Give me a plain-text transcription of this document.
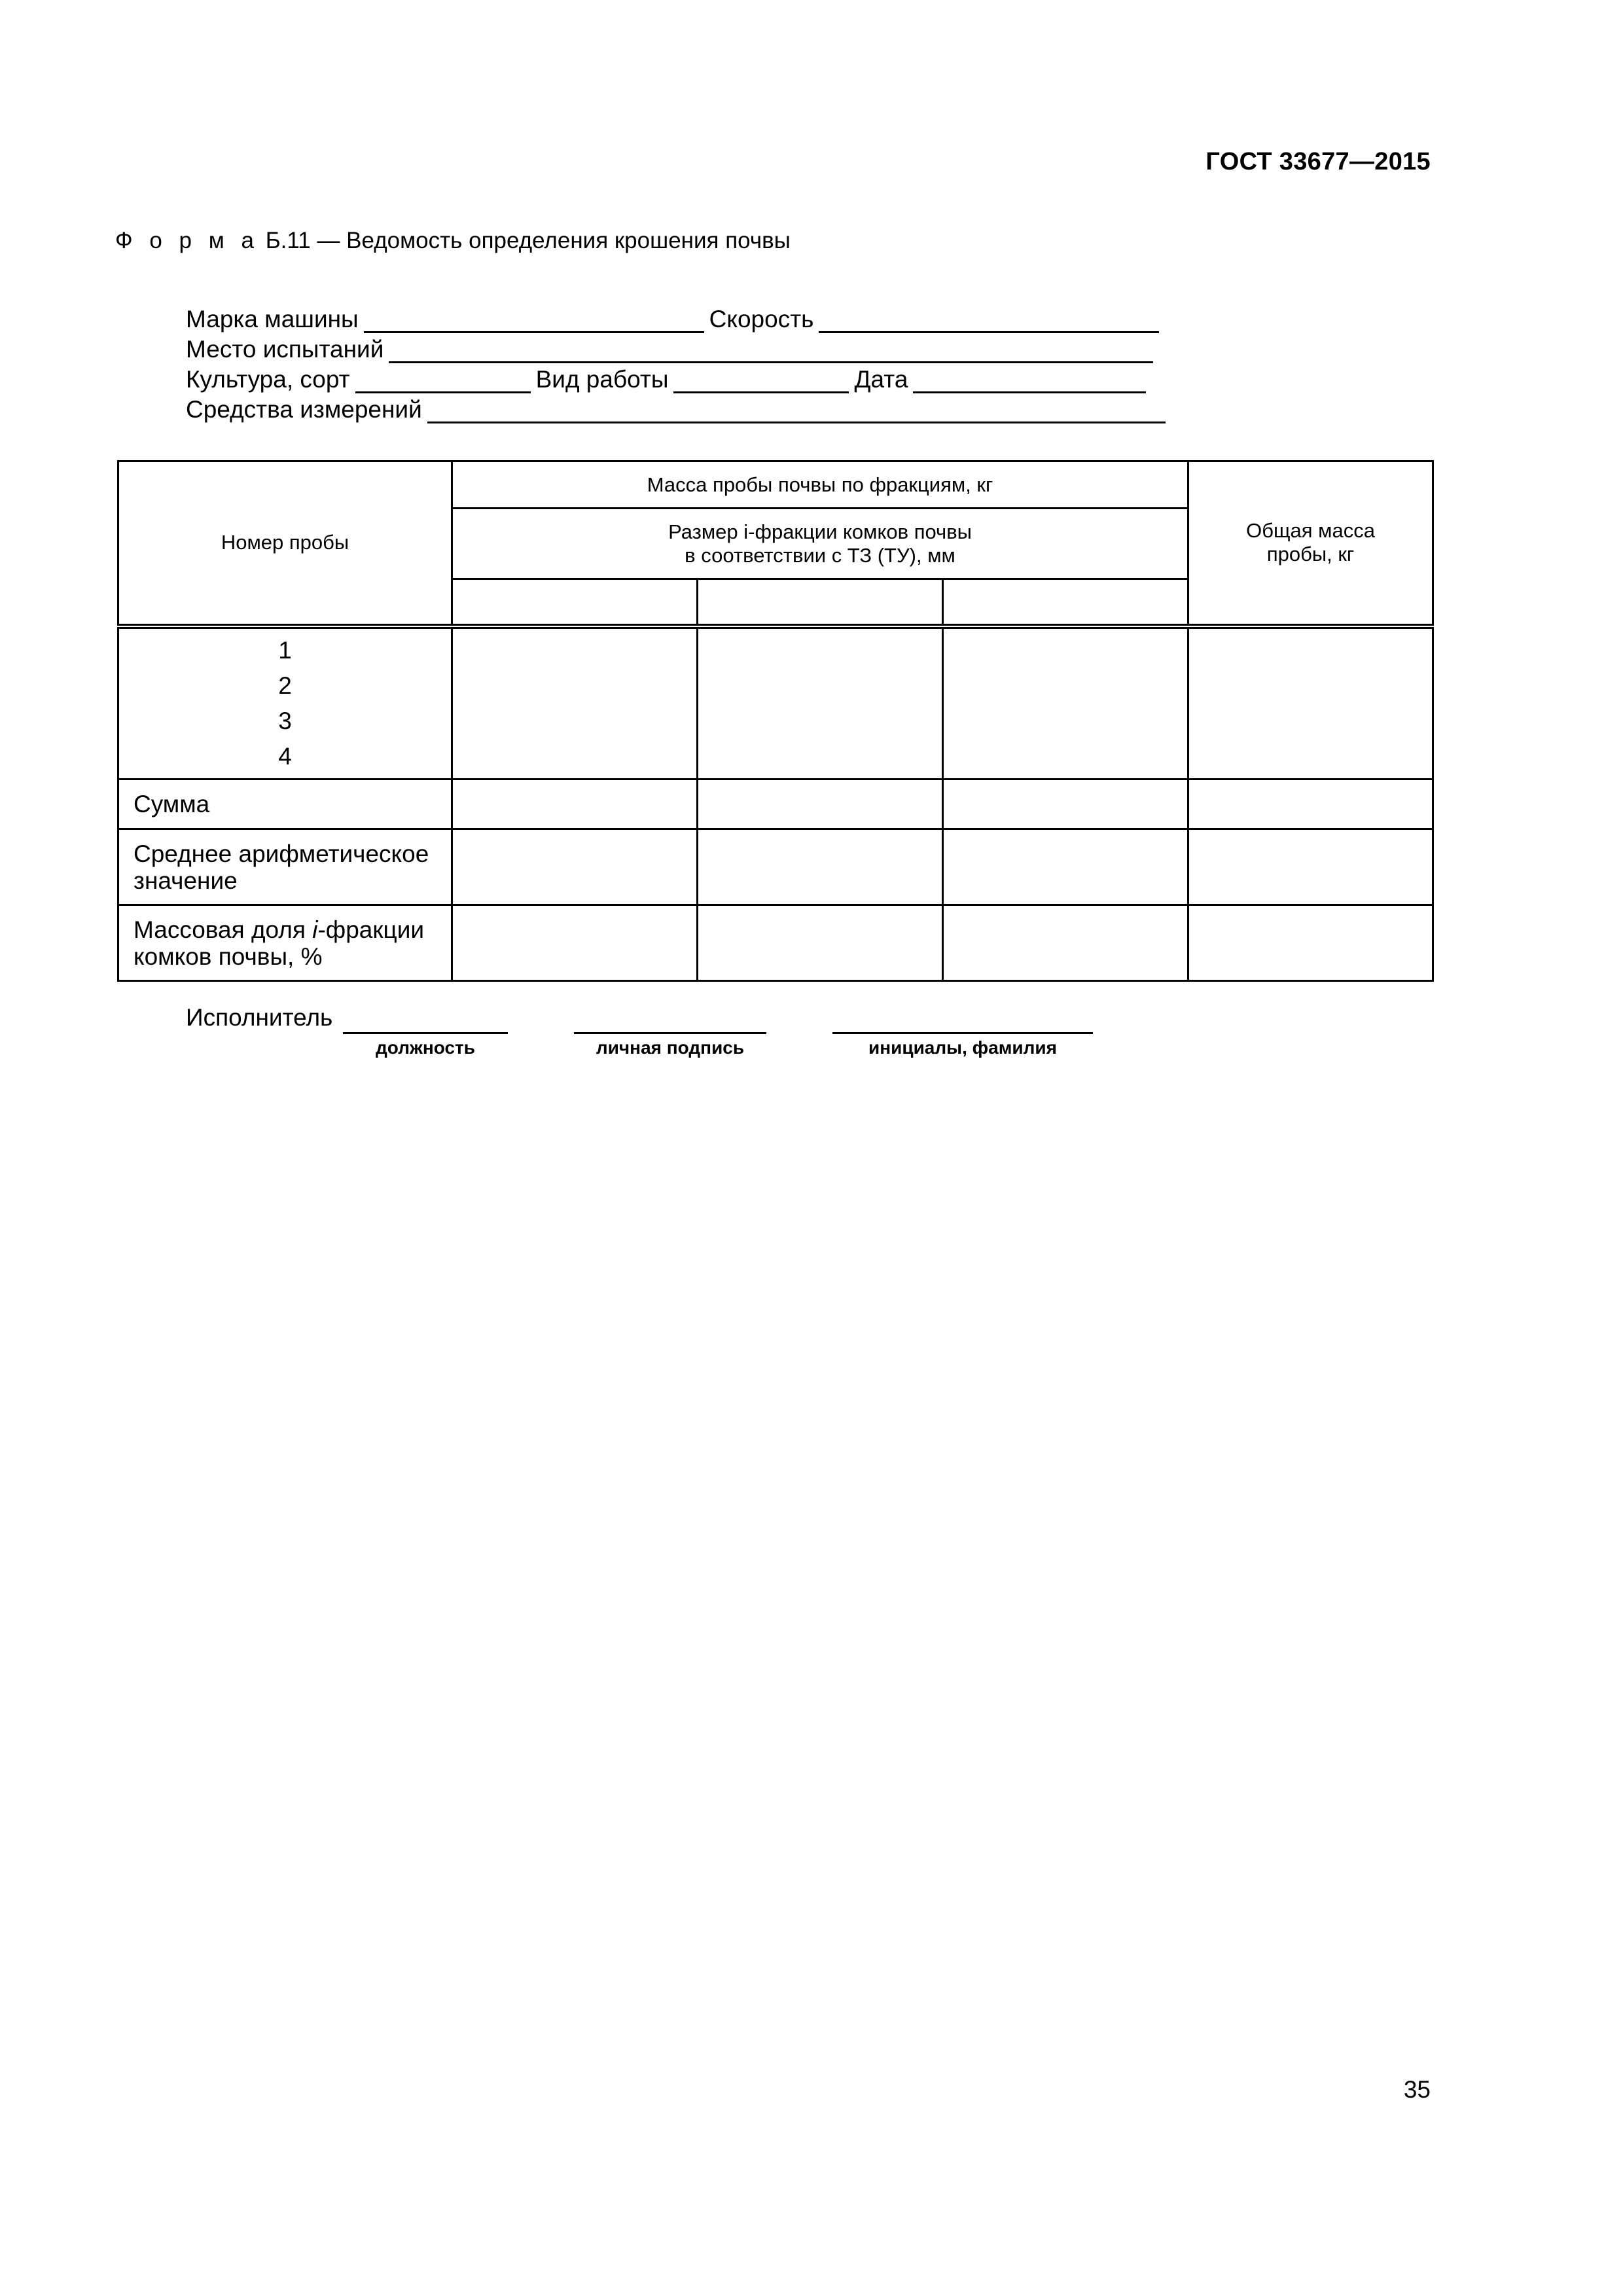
ГОСТ 33677—2015
Ф о р м а Б.11 — Ведомость определения крошения почвы
Марка машины	Скорость
Место испытаний
Культура, сорт	Вид работы	Дата
Средства измерений
Номер пробы	Масса пробы почвы по фракциям, кг			Общая масса
пробы, кг

	Размер i-фракции комков почвы
в соответствии с ТЗ (ТУ), мм			

1
2
3
4				

Сумма				

Среднее арифметическое
значение				

Массовая доля i-фракции
комков почвы, %				

Исполнитель
должность	личная подпись	инициалы, фамилия
35
